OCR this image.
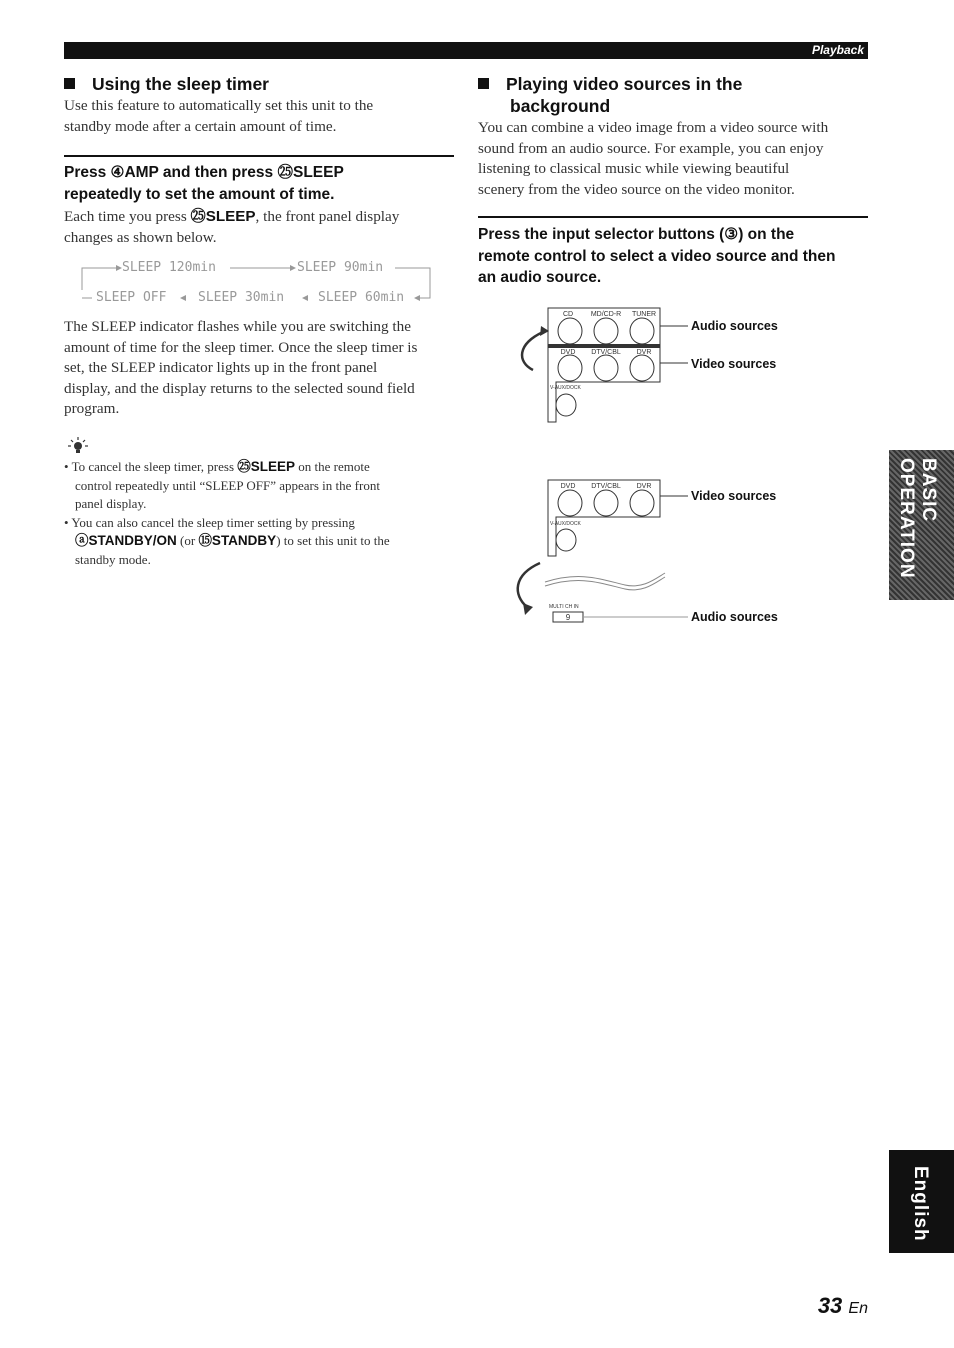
Playback
Using the sleep timer
Use this feature to automatically set this unit to the
standby mode after a certain amount of time.
Press ④AMP and then press ㉕SLEEP
repeatedly to set the amount of time.
Each time you press ㉕SLEEP, the front panel display
changes as shown below.
SLEEP 120min	SLEEP 90min
SLEEP OFF SLEEP 30min	SLEEP 60min
The SLEEP indicator flashes while you are switching the
amount of time for the sleep timer. Once the sleep timer is
set, the SLEEP indicator lights up in the front panel
display, and the display returns to the selected sound field
program.
• To cancel the sleep timer, press ㉕SLEEP on the remote
control repeatedly until “SLEEP OFF” appears in the front
panel display.
• You can also cancel the sleep timer setting by pressing
ⓐSTANDBY/ON (or ⑮STANDBY) to set this unit to the
standby mode.
Playing video sources in the
background
You can combine a video image from a video source with
sound from an audio source. For example, you can enjoy
listening to classical music while viewing beautiful
scenery from the video source on the video monitor.
Press the input selector buttons (③) on the
remote control to select a video source and then
an audio source.
CD	MD/CD-R TUNER
DVD DTV/CBL DVR
V-AUX/DOCK
Audio sources
Video sources
DVD DTV/CBL DVR
V-AUX/DOCK
Video sources
MULTI CH IN
9	Audio sources
BASIC
OPERATION
English
33 En
